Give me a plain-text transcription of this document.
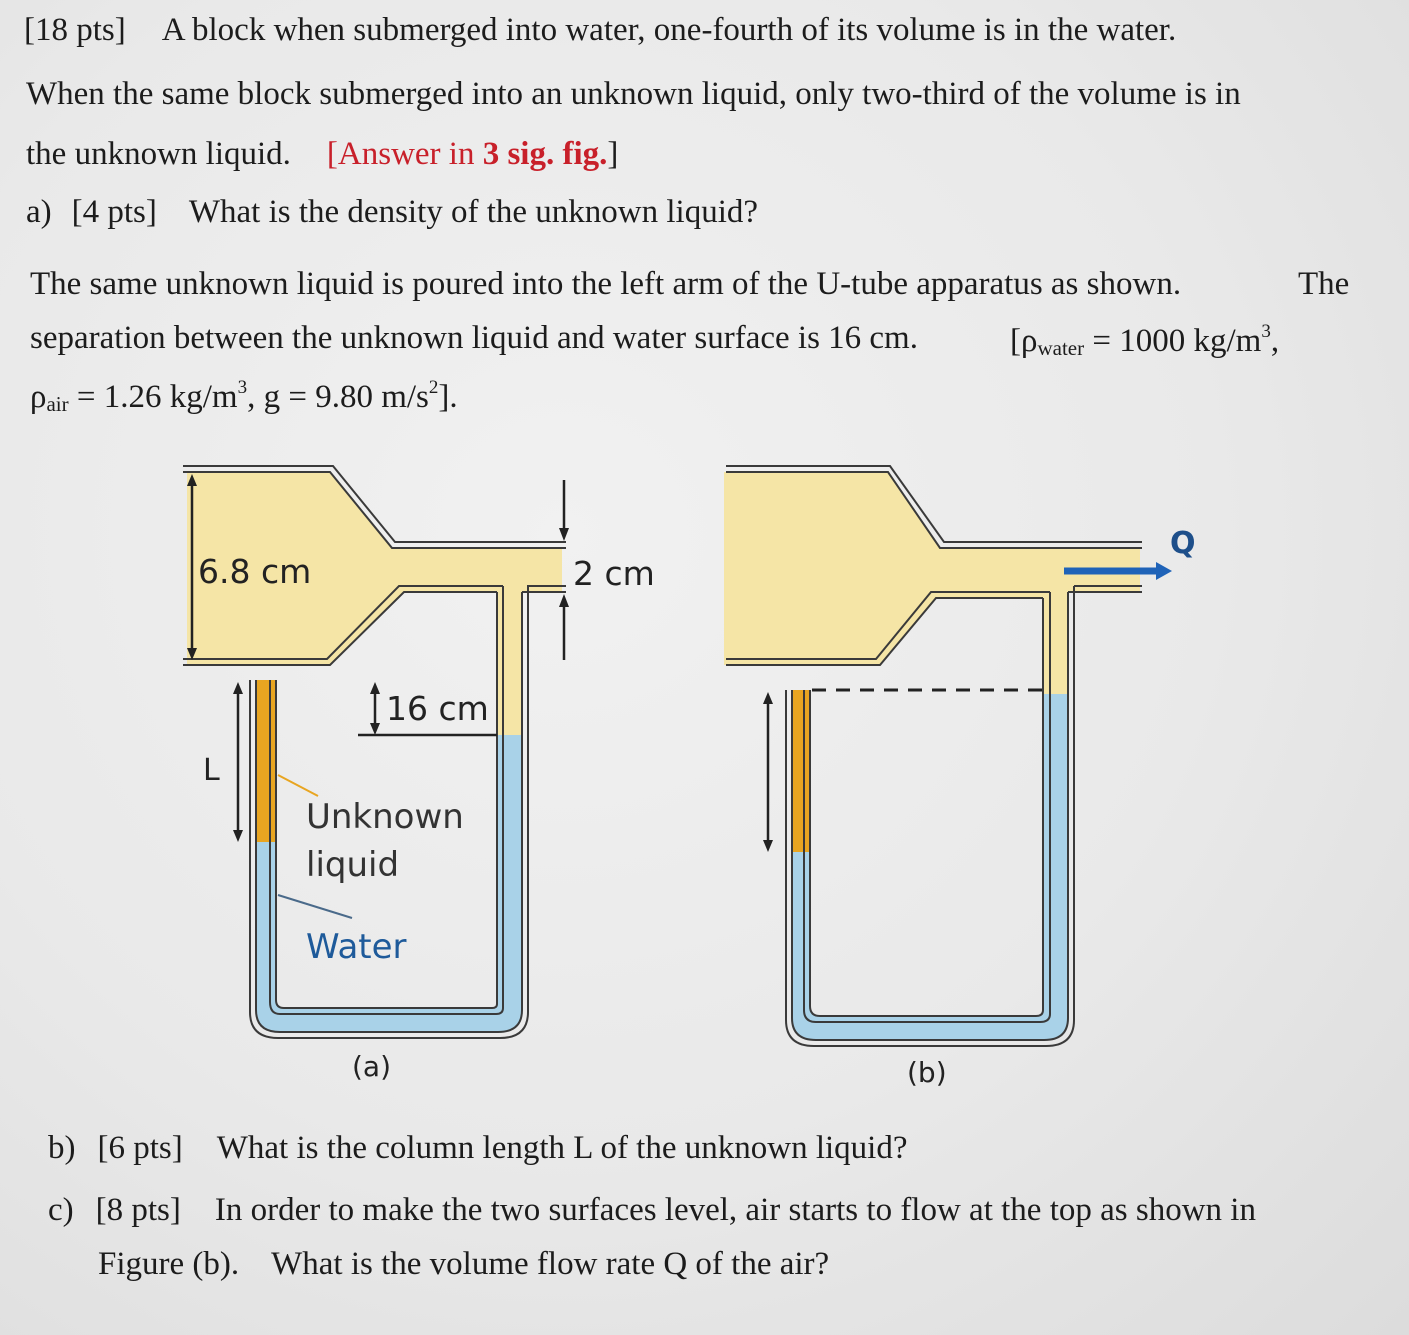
[18 pts] A block when submerged into water, one-fourth of its volume is in the water.
When the same block submerged into an unknown liquid, only two-third of the volume is in
the unknown liquid. [Answer in 3 sig. fig.]
a) [4 pts] What is the density of the unknown liquid?
The same unknown liquid is poured into the left arm of the U-tube apparatus as shown.	The
separation between the unknown liquid and water surface is 16 cm.	[ρwater = 1000 $kg/m^3$,
ρair = 1.26 $kg/m^3$, g = 9.80 $m/s^2$].
6.8 cm	2 cm
16 cm
L
Unknown
liquid
Water
(a)
Q
(b)
b) [6 pts] What is the column length L of the unknown liquid?
c) [8 pts] In order to make the two surfaces level, air starts to flow at the top as shown in
Figure (b). What is the volume flow rate Q of the air?
